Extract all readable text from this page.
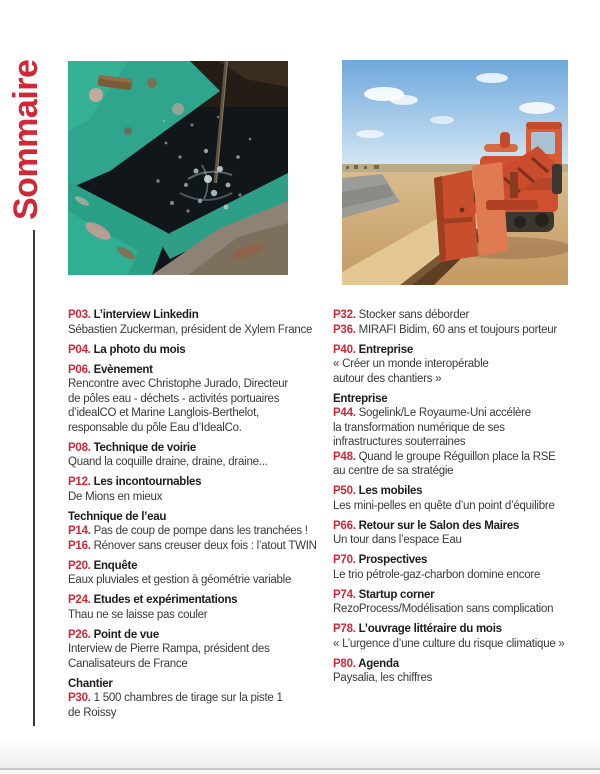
Sommaire
P03. L’interview Linkedin
Sébastien Zuckerman, président de Xylem France
P04. La photo du mois
P06. Evènement
Rencontre avec Christophe Jurado, Directeur
de pôles eau - déchets - activités portuaires
d’idealCO et Marine Langlois-Berthelot,
responsable du pôle Eau d’IdealCo.
P08. Technique de voirie
Quand la coquille draine, draine, draine...
P12. Les incontournables
De Mions en mieux
Technique de l’eau
P14. Pas de coup de pompe dans les tranchées !
P16. Rénover sans creuser deux fois : l’atout TWIN
P20. Enquête
Eaux pluviales et gestion à géométrie variable
P24. Etudes et expérimentations
Thau ne se laisse pas couler
P26. Point de vue
Interview de Pierre Rampa, président des
Canalisateurs de France
Chantier
P30. 1 500 chambres de tirage sur la piste 1
de Roissy
P32. Stocker sans déborder
P36. MIRAFI Bidim, 60 ans et toujours porteur
P40. Entreprise
« Créer un monde interopérable
autour des chantiers »
Entreprise
P44. Sogelink/Le Royaume-Uni accélère
la transformation numérique de ses
infrastructures souterraines
P48. Quand le groupe Réguillon place la RSE
au centre de sa stratégie
P50. Les mobiles
Les mini-pelles en quête d’un point d’équilibre
P66. Retour sur le Salon des Maires
Un tour dans l’espace Eau
P70. Prospectives
Le trio pétrole-gaz-charbon domine encore
P74. Startup corner
RezoProcess/Modélisation sans complication
P78. L’ouvrage littéraire du mois
« L’urgence d’une culture du risque climatique »
P80. Agenda
Paysalia, les chiffres
